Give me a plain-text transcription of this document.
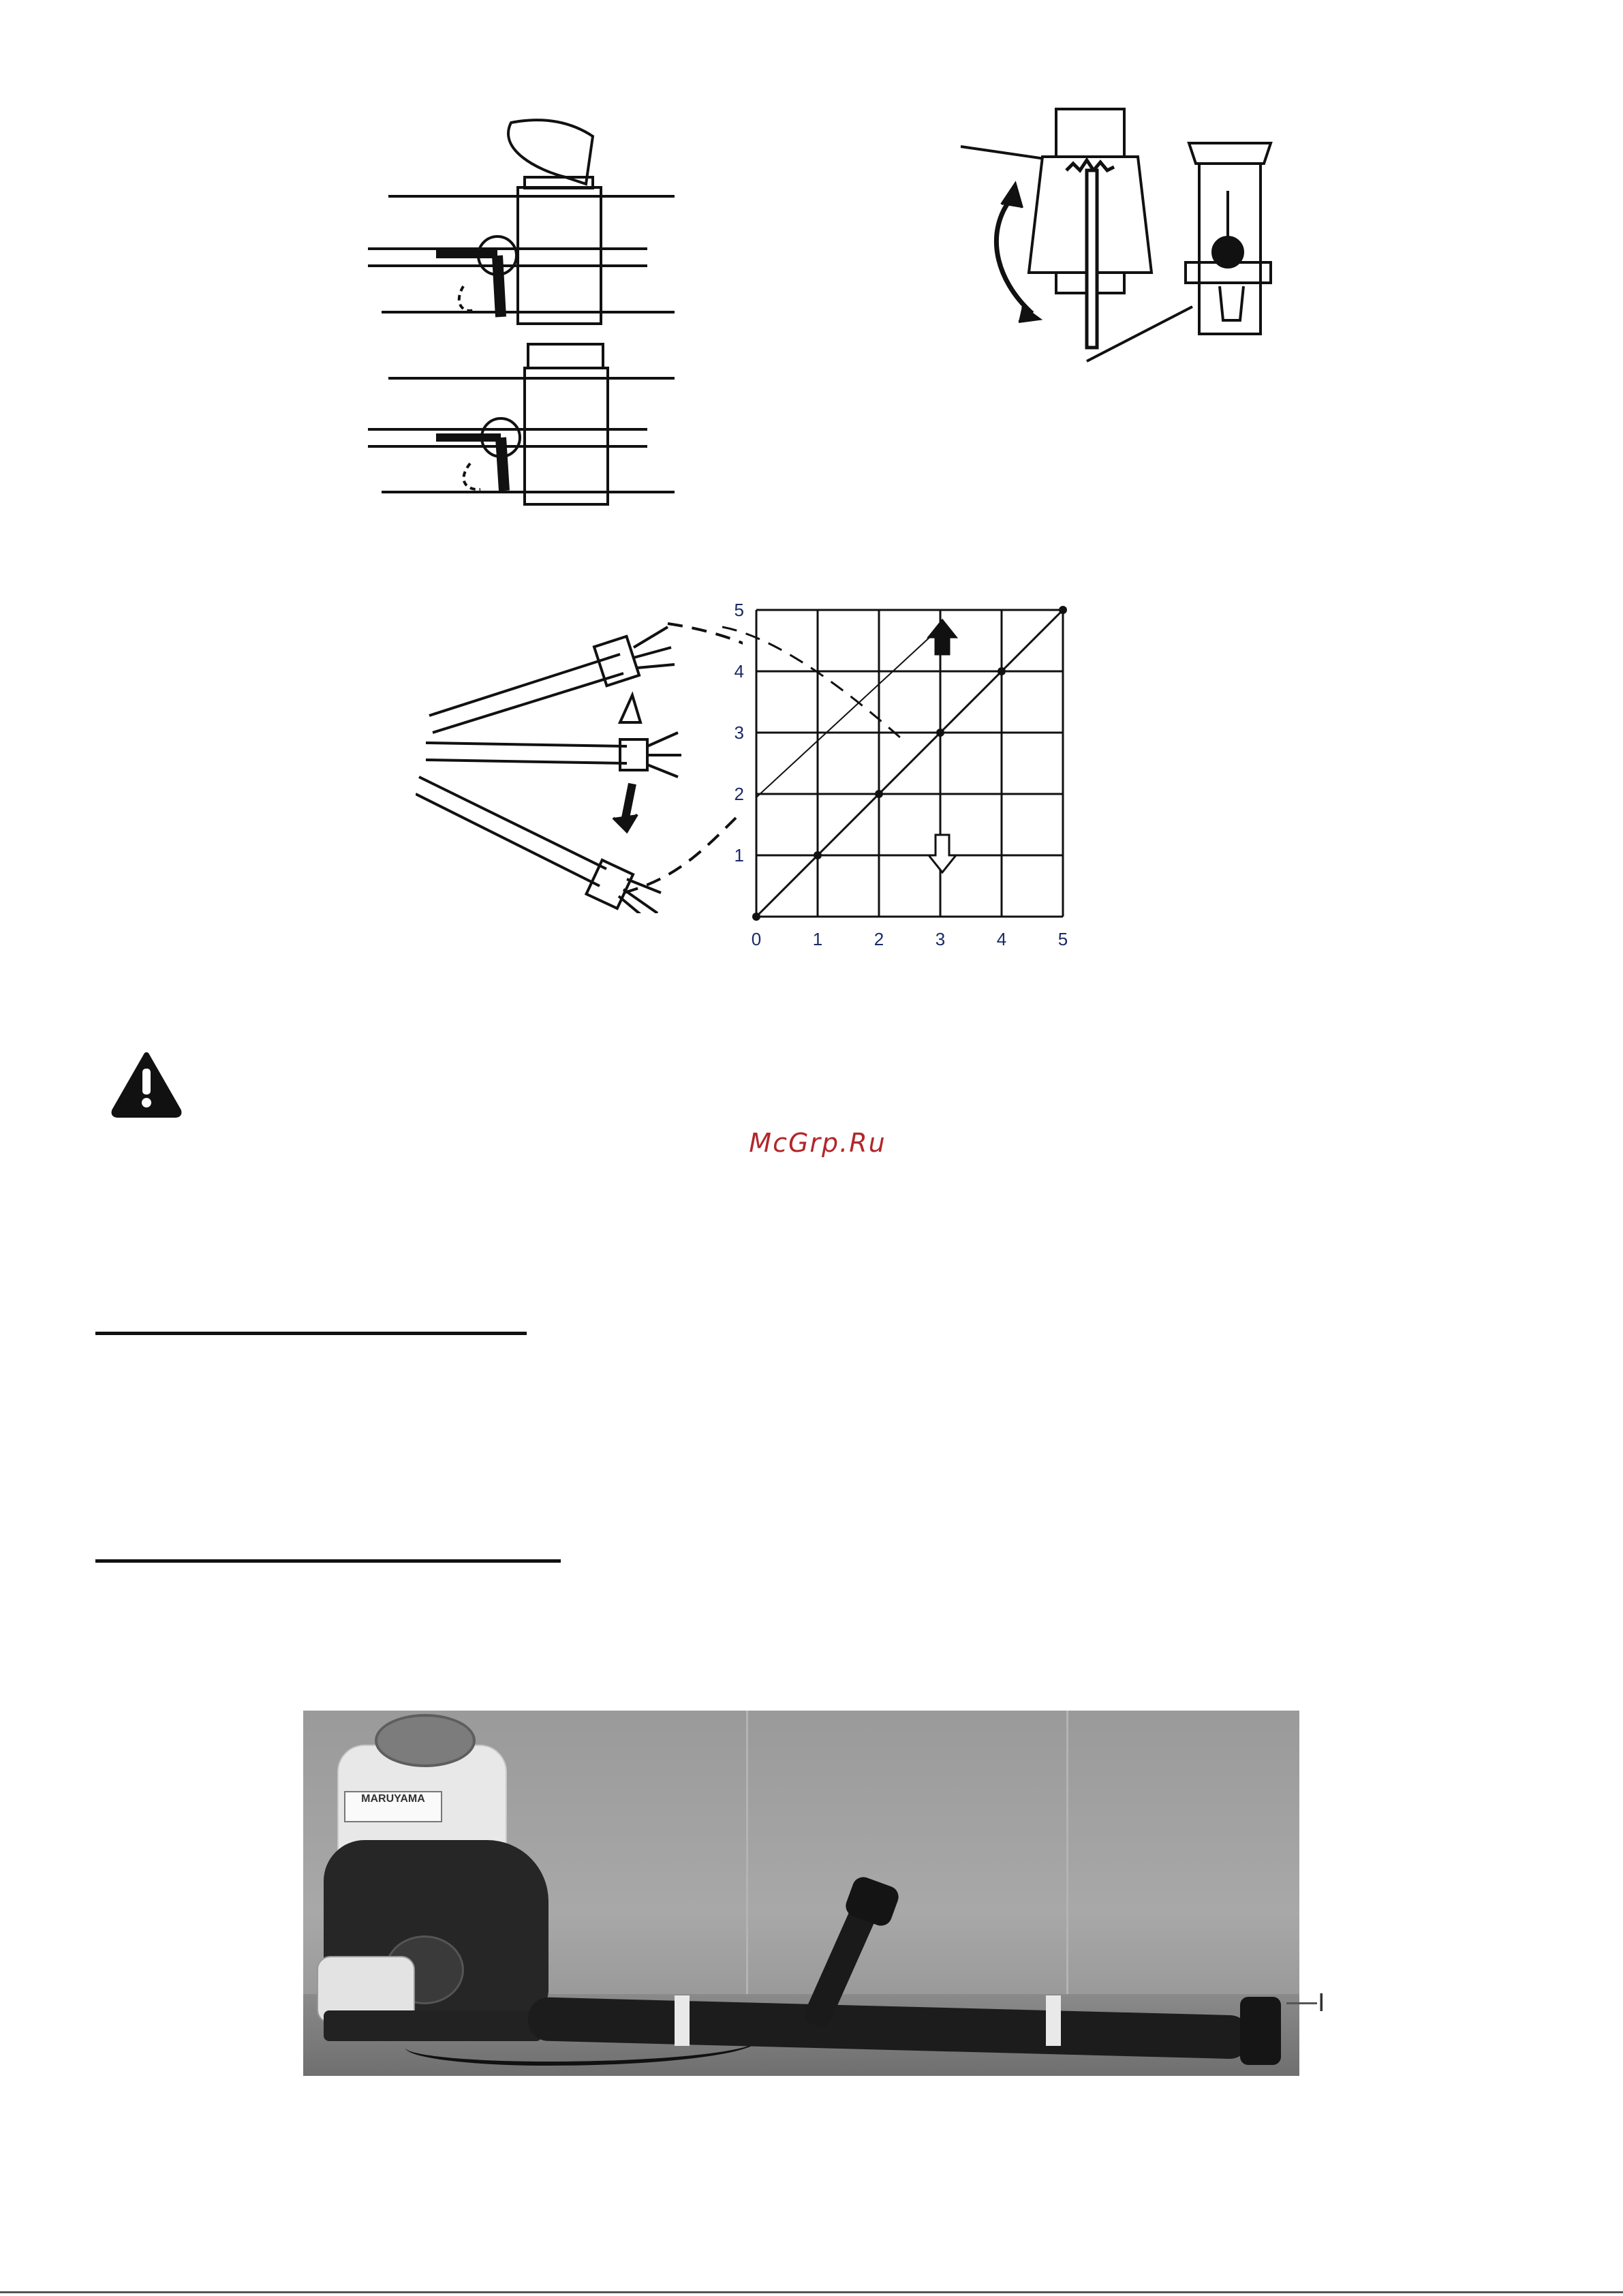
0	1	2	3	4	5
1
2
3
4
5
McGrp.Ru
MARUYAMA
I
